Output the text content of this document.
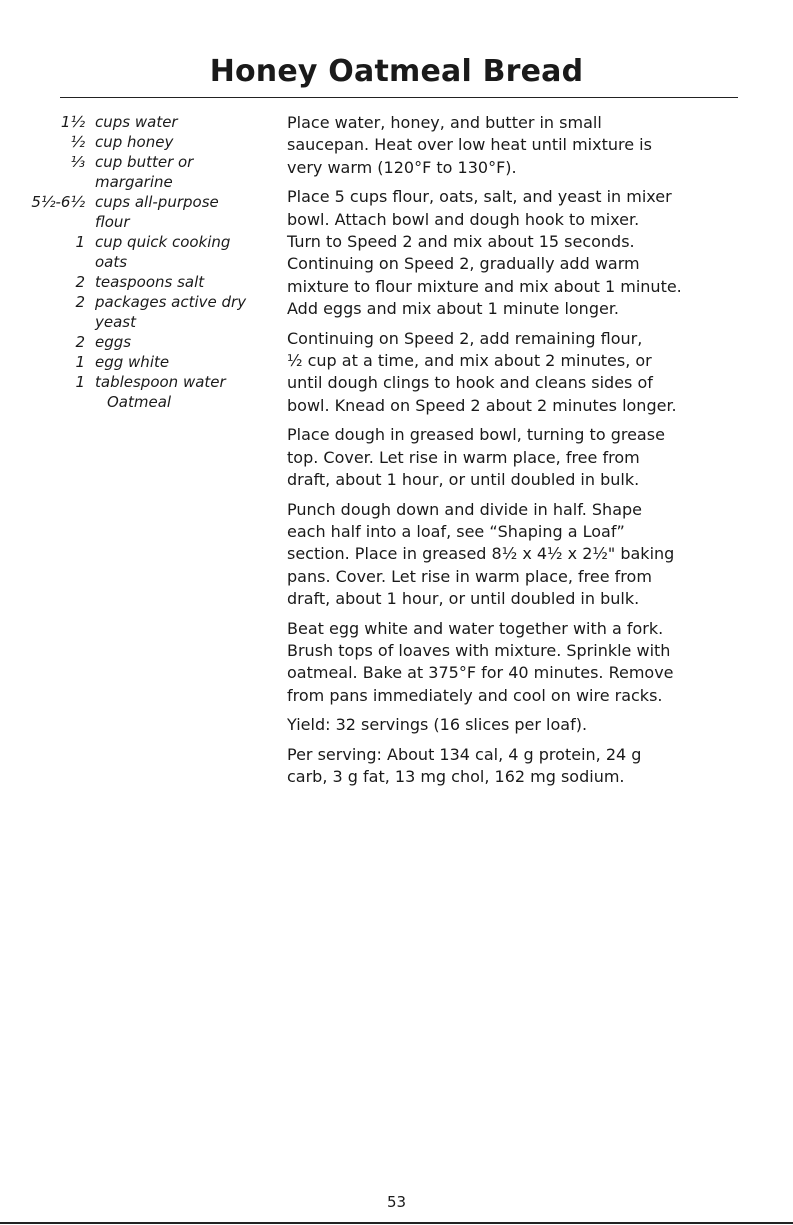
Honey Oatmeal Bread
1½ cups water
½ cup honey
⅓ cup butter or
margarine
5½-6½ cups all-purpose
flour
1 cup quick cooking
oats
2 teaspoons salt
2 packages active dry
yeast
2 eggs
1 egg white
1 tablespoon water
Oatmeal

Place water, honey, and butter in small
saucepan. Heat over low heat until mixture is
very warm (120°F to 130°F).

Place 5 cups flour, oats, salt, and yeast in mixer
bowl. Attach bowl and dough hook to mixer.
Turn to Speed 2 and mix about 15 seconds.
Continuing on Speed 2, gradually add warm
mixture to flour mixture and mix about 1 minute.
Add eggs and mix about 1 minute longer.

Continuing on Speed 2, add remaining flour,
½ cup at a time, and mix about 2 minutes, or
until dough clings to hook and cleans sides of
bowl. Knead on Speed 2 about 2 minutes longer.

Place dough in greased bowl, turning to grease
top. Cover. Let rise in warm place, free from
draft, about 1 hour, or until doubled in bulk.

Punch dough down and divide in half. Shape
each half into a loaf, see “Shaping a Loaf”
section. Place in greased 8½ x 4½ x 2½" baking
pans. Cover. Let rise in warm place, free from
draft, about 1 hour, or until doubled in bulk.

Beat egg white and water together with a fork.
Brush tops of loaves with mixture. Sprinkle with
oatmeal. Bake at 375°F for 40 minutes. Remove
from pans immediately and cool on wire racks.

Yield: 32 servings (16 slices per loaf).

Per serving: About 134 cal, 4 g protein, 24 g
carb, 3 g fat, 13 mg chol, 162 mg sodium.

53
